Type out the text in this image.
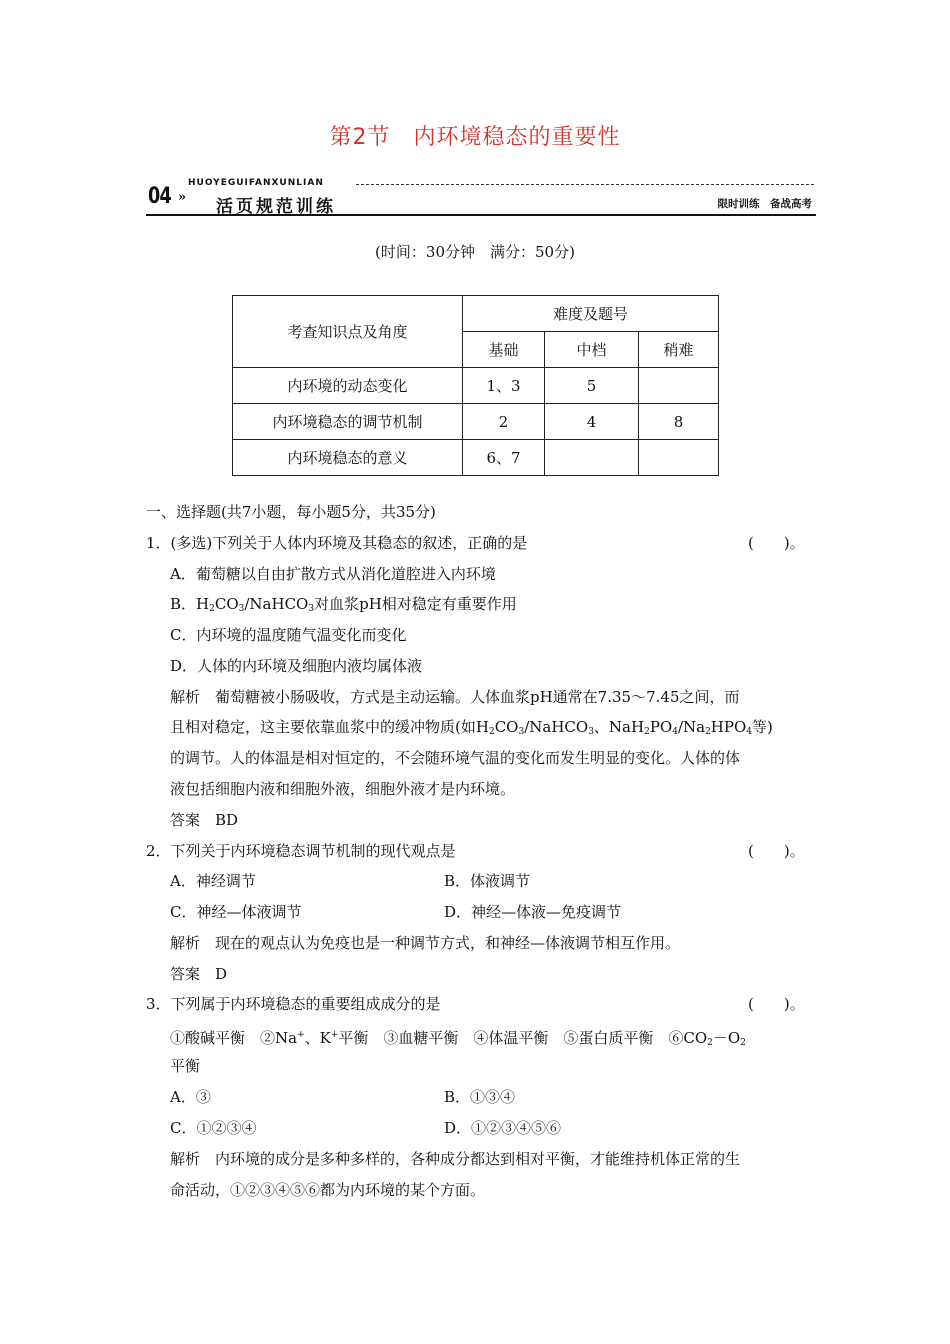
第2节　内环境稳态的重要性
04 »
HUOYEGUIFANXUNLIAN
活页规范训练	限时训练　备战高考
(时间：30分钟　满分：50分)
考查知识点及角度	难度及题号		
	基础	中档	稍难
内环境的动态变化	1、3	5	
内环境稳态的调节机制	2	4	8
内环境稳态的意义	6、7		
一、选择题(共7小题，每小题5分，共35分)
1．(多选)下列关于人体内环境及其稳态的叙述，正确的是	(　　)。
A．葡萄糖以自由扩散方式从消化道腔进入内环境
B．$H_2CO_3/NaHCO_3$对血浆pH相对稳定有重要作用
C．内环境的温度随气温变化而变化
D．人体的内环境及细胞内液均属体液
解析　葡萄糖被小肠吸收，方式是主动运输。人体血浆pH通常在7.35～7.45之间，而
且相对稳定，这主要依靠血浆中的缓冲物质(如$H_2CO_3/NaHCO_3$、$NaH_2PO_4/Na_2HPO_4$等)
的调节。人的体温是相对恒定的，不会随环境气温的变化而发生明显的变化。人体的体
液包括细胞内液和细胞外液，细胞外液才是内环境。
答案　BD
2．下列关于内环境稳态调节机制的现代观点是	(　　)。
A．神经调节	B．体液调节
C．神经—体液调节	D．神经—体液—免疫调节
解析　现在的观点认为免疫也是一种调节方式，和神经—体液调节相互作用。
答案　D
3．下列属于内环境稳态的重要组成成分的是	(　　)。
①酸碱平衡　②Na+、K+平衡　③血糖平衡　④体温平衡　⑤蛋白质平衡　$⑥CO_2-O_2$
平衡
A．③	B．①③④
C．①②③④	D．①②③④⑤⑥
解析　内环境的成分是多种多样的，各种成分都达到相对平衡，才能维持机体正常的生
命活动，①②③④⑤⑥都为内环境的某个方面。
